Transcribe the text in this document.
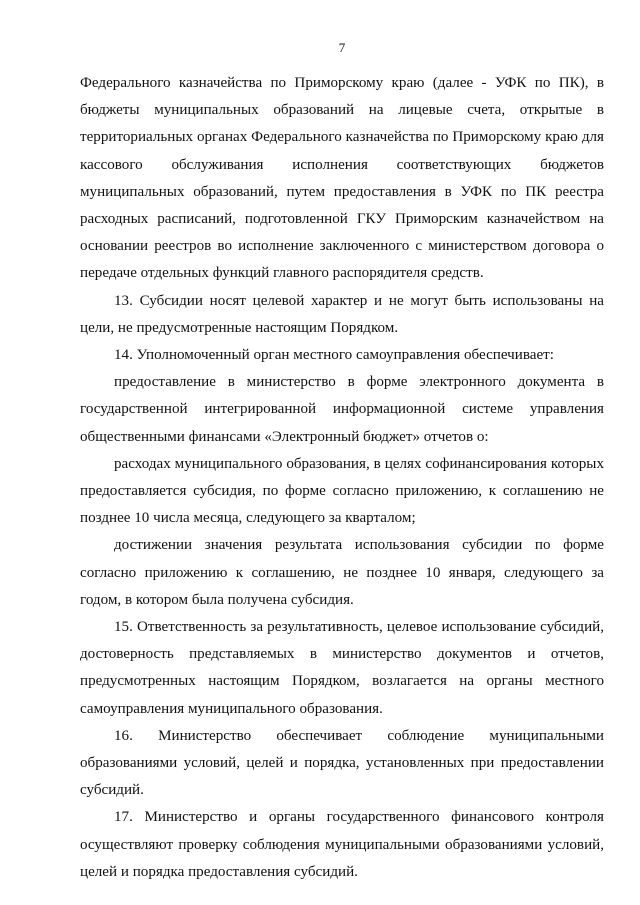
7

Федерального казначейства по Приморскому краю (далее - УФК по ПК), в бюджеты муниципальных образований на лицевые счета, открытые в территориальных органах Федерального казначейства по Приморскому краю для кассового обслуживания исполнения соответствующих бюджетов муниципальных образований, путем предоставления в УФК по ПК реестра расходных расписаний, подготовленной ГКУ Приморским казначейством на основании реестров во исполнение заключенного с министерством договора о передаче отдельных функций главного распорядителя средств.

13. Субсидии носят целевой характер и не могут быть использованы на цели, не предусмотренные настоящим Порядком.

14. Уполномоченный орган местного самоуправления обеспечивает:

предоставление в министерство в форме электронного документа в государственной интегрированной информационной системе управления общественными финансами «Электронный бюджет» отчетов о:

расходах муниципального образования, в целях софинансирования которых предоставляется субсидия, по форме согласно приложению, к соглашению не позднее 10 числа месяца, следующего за кварталом;

достижении значения результата использования субсидии по форме согласно приложению к соглашению, не позднее 10 января, следующего за годом, в котором была получена субсидия.

15. Ответственность за результативность, целевое использование субсидий, достоверность представляемых в министерство документов и отчетов, предусмотренных настоящим Порядком, возлагается на органы местного самоуправления муниципального образования.

16. Министерство обеспечивает соблюдение муниципальными образованиями условий, целей и порядка, установленных при предоставлении субсидий.

17. Министерство и органы государственного финансового контроля осуществляют проверку соблюдения муниципальными образованиями условий, целей и порядка предоставления субсидий.
